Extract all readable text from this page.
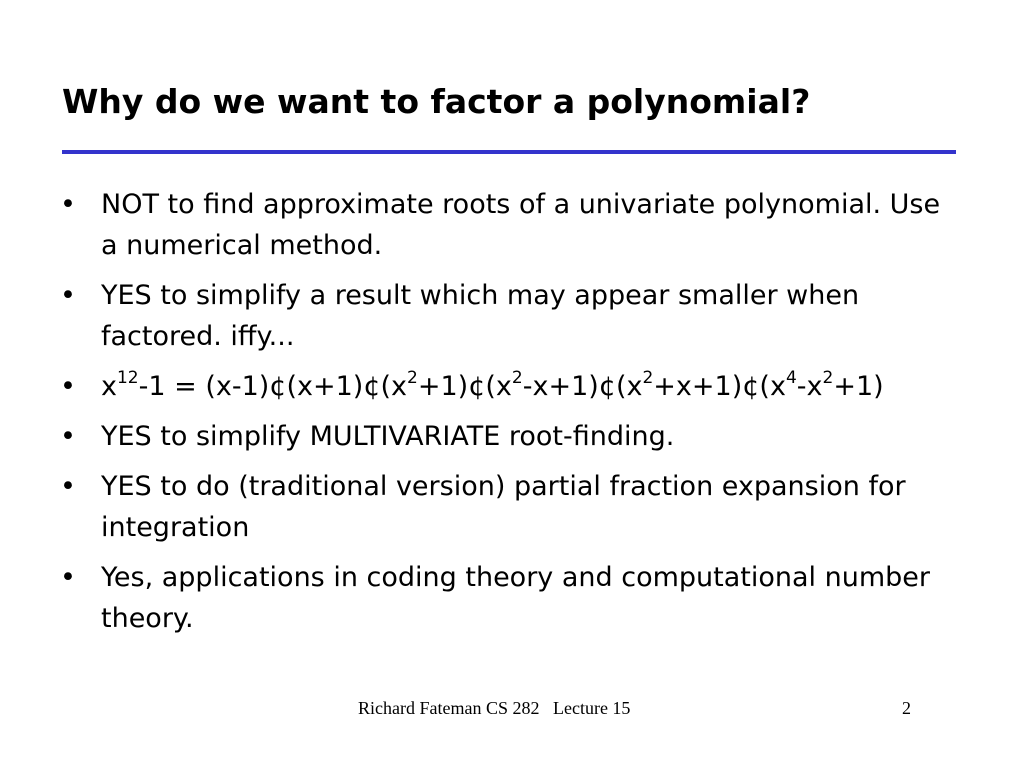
Why do we want to factor a polynomial?
• NOT to find approximate roots of a univariate polynomial. Use a numerical method.
• YES to simplify a result which may appear smaller when factored. iffy...
• $x^{12}-1$ = $(x-1)¢(x+1)¢(x^2+1)¢(x^2-x+1)¢(x^2+x+1)¢(x^4-x^2+1)$
• YES to simplify MULTIVARIATE root-finding.
• YES to do (traditional version) partial fraction expansion for integration
• Yes, applications in coding theory and computational number theory.
Richard Fateman CS 282   Lecture 15	2
